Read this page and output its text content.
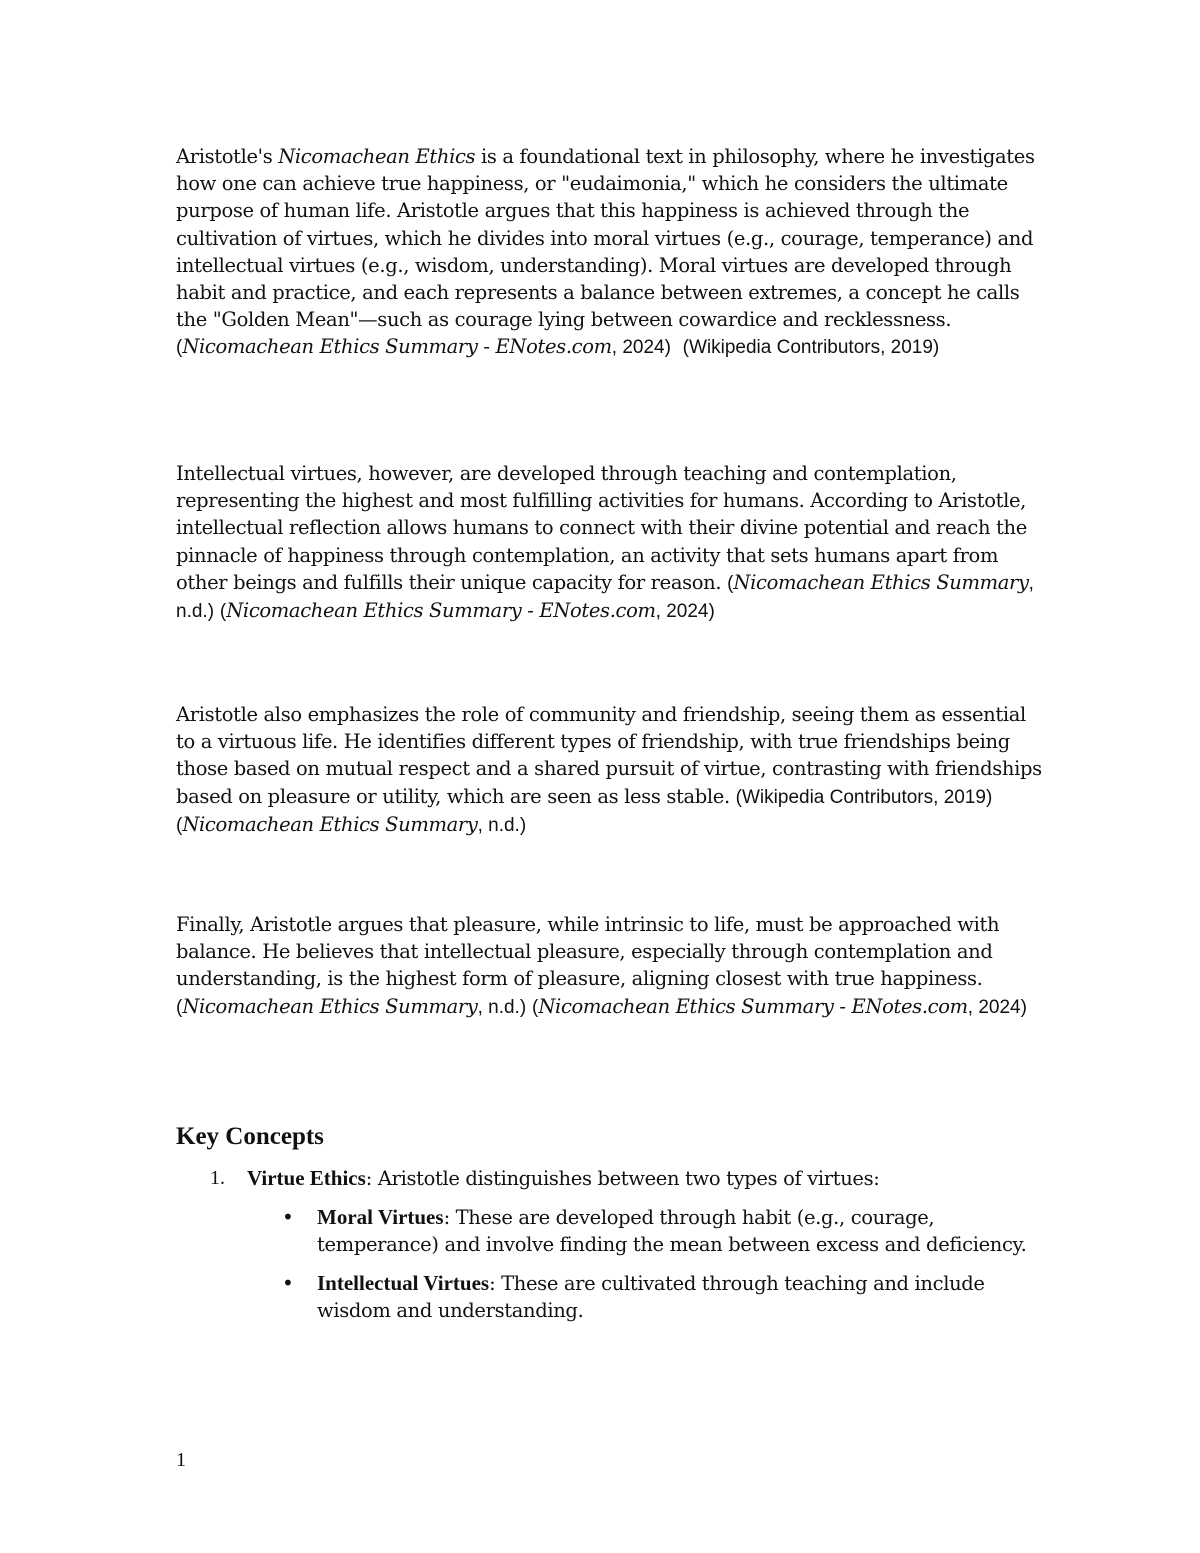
Aristotle's Nicomachean Ethics is a foundational text in philosophy, where he investigates how one can achieve true happiness, or "eudaimonia," which he considers the ultimate purpose of human life. Aristotle argues that this happiness is achieved through the cultivation of virtues, which he divides into moral virtues (e.g., courage, temperance) and intellectual virtues (e.g., wisdom, understanding). Moral virtues are developed through habit and practice, and each represents a balance between extremes, a concept he calls the "Golden Mean"—such as courage lying between cowardice and recklessness. (Nicomachean Ethics Summary - ENotes.com, 2024) (Wikipedia Contributors, 2019)

Intellectual virtues, however, are developed through teaching and contemplation, representing the highest and most fulfilling activities for humans. According to Aristotle, intellectual reflection allows humans to connect with their divine potential and reach the pinnacle of happiness through contemplation, an activity that sets humans apart from other beings and fulfills their unique capacity for reason. (Nicomachean Ethics Summary, n.d.) (Nicomachean Ethics Summary - ENotes.com, 2024)

Aristotle also emphasizes the role of community and friendship, seeing them as essential to a virtuous life. He identifies different types of friendship, with true friendships being those based on mutual respect and a shared pursuit of virtue, contrasting with friendships based on pleasure or utility, which are seen as less stable. (Wikipedia Contributors, 2019) (Nicomachean Ethics Summary, n.d.)

Finally, Aristotle argues that pleasure, while intrinsic to life, must be approached with balance. He believes that intellectual pleasure, especially through contemplation and understanding, is the highest form of pleasure, aligning closest with true happiness. (Nicomachean Ethics Summary, n.d.) (Nicomachean Ethics Summary - ENotes.com, 2024)

Key Concepts
1. Virtue Ethics: Aristotle distinguishes between two types of virtues:
• Moral Virtues: These are developed through habit (e.g., courage, temperance) and involve finding the mean between excess and deficiency.
• Intellectual Virtues: These are cultivated through teaching and include wisdom and understanding.
1
